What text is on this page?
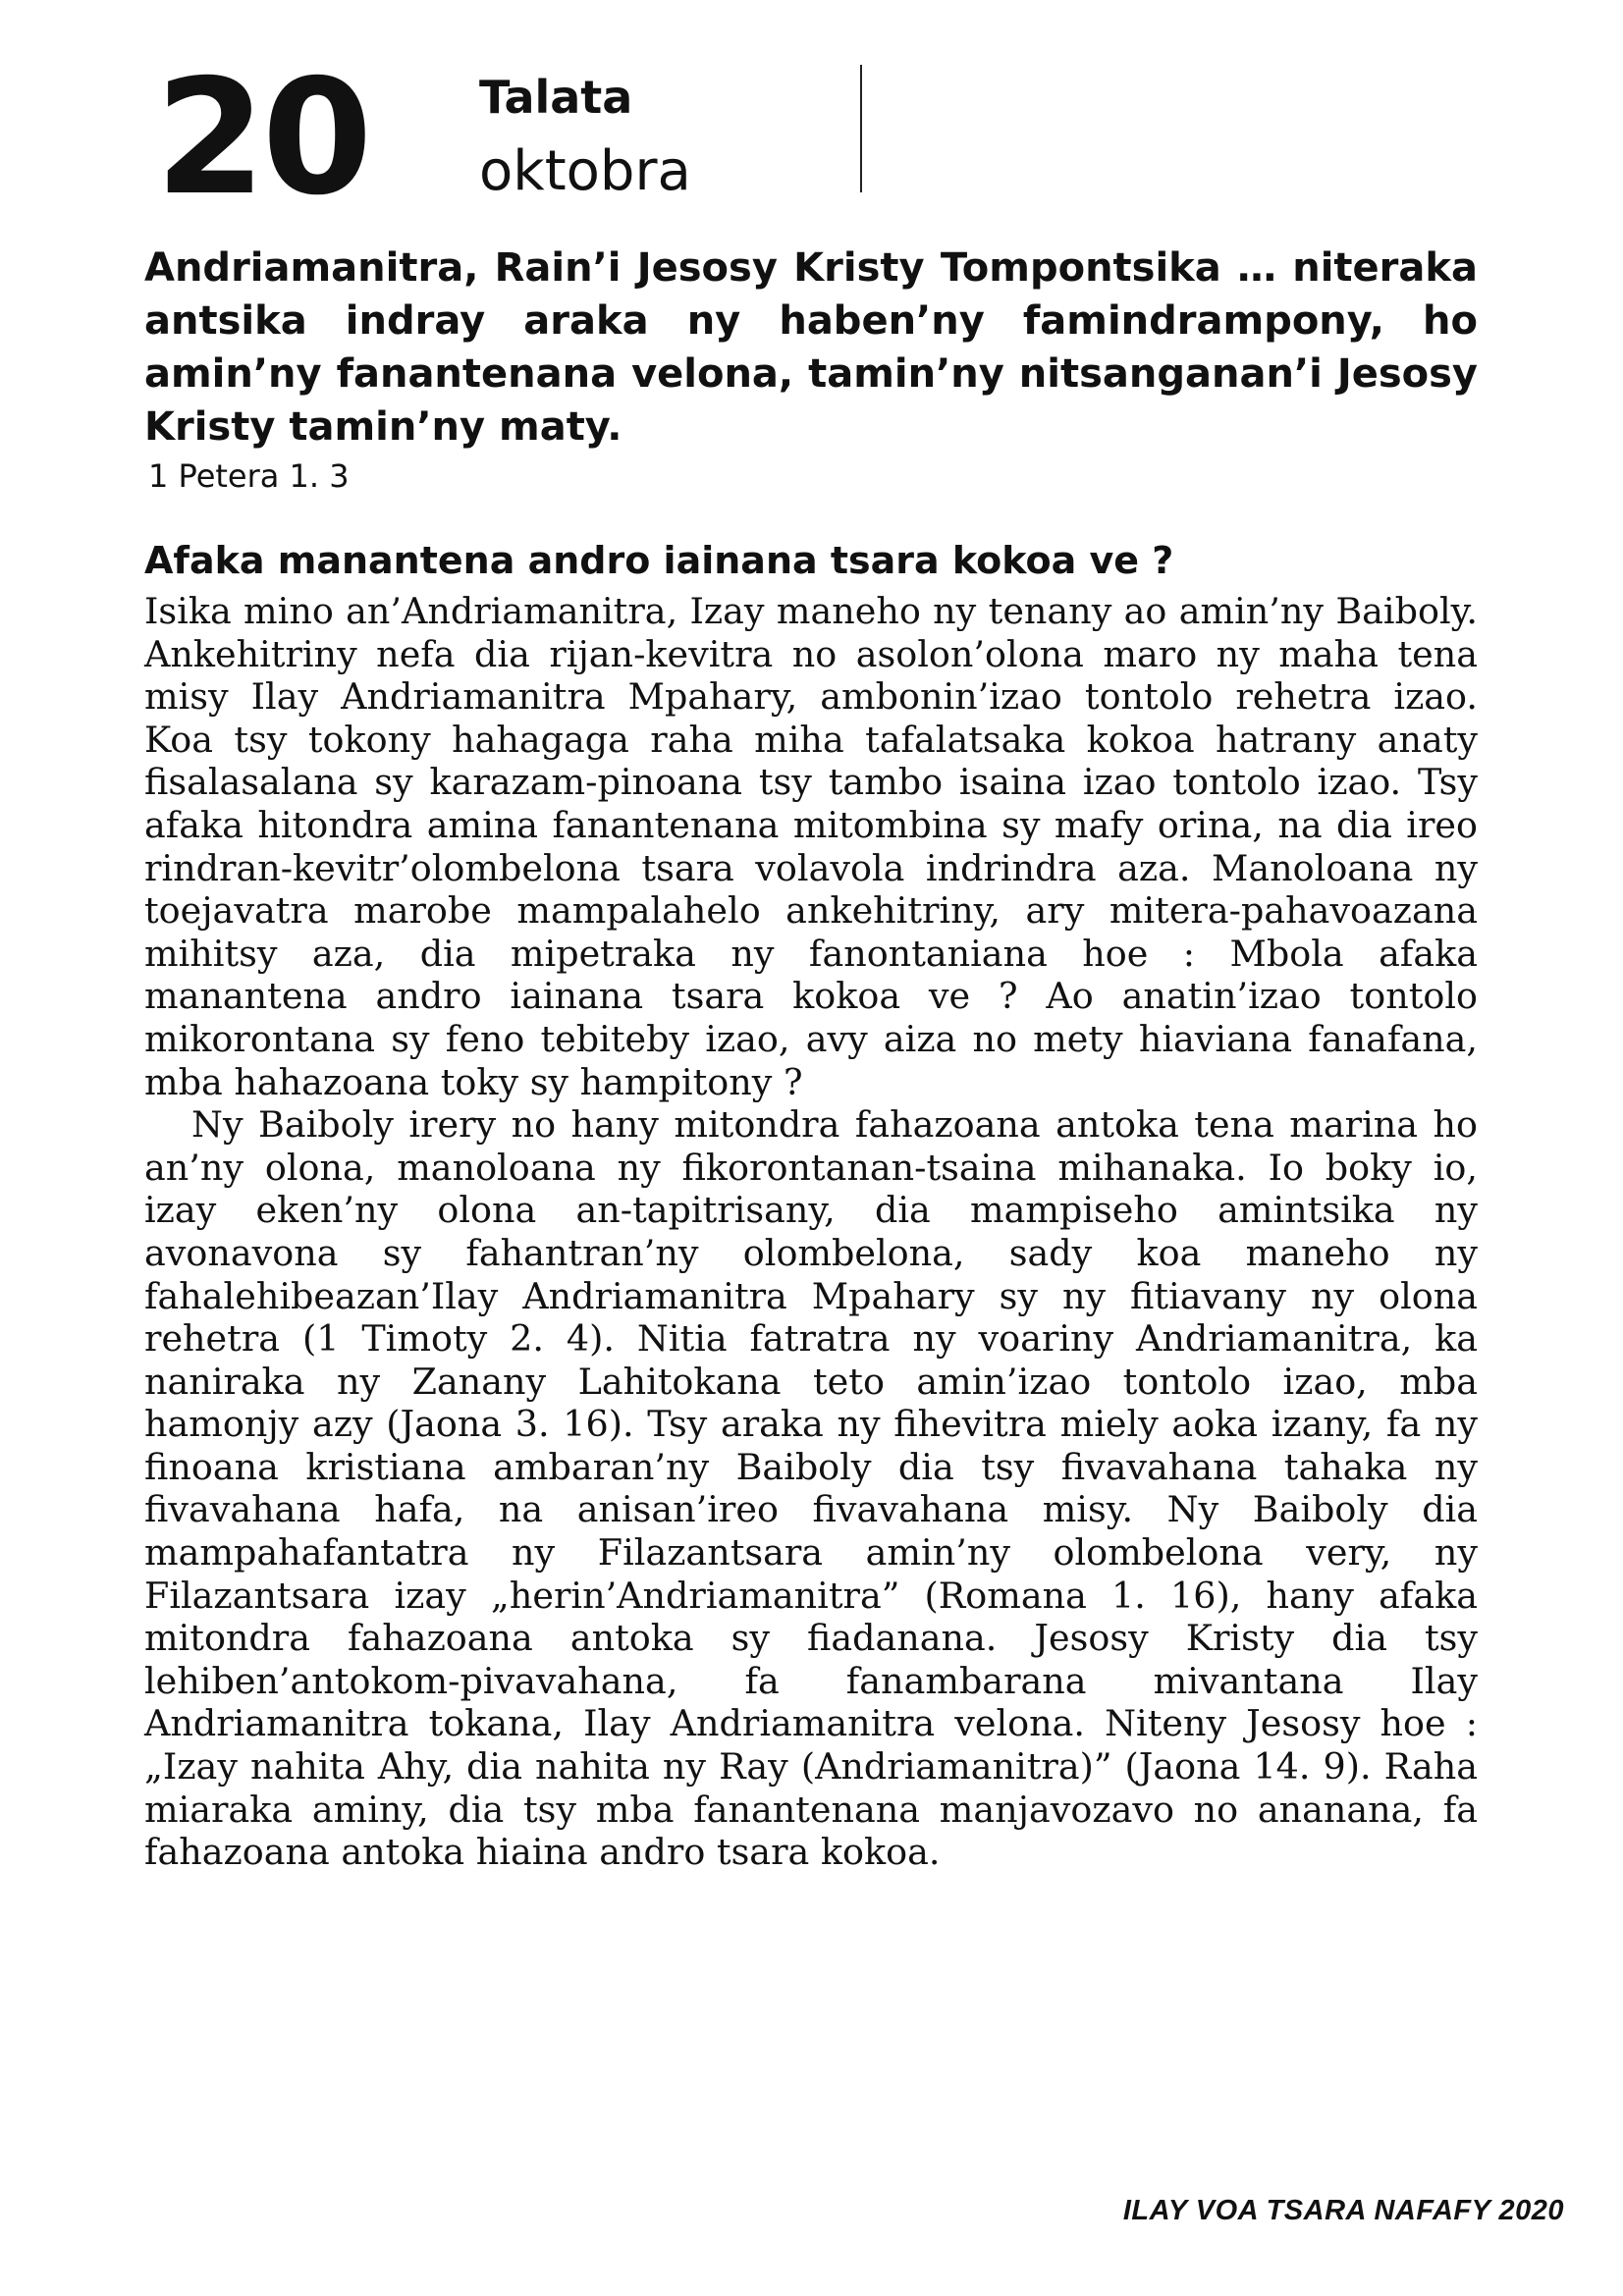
20 Talata
oktobra
Andriamanitra, Rain’i Jesosy Kristy Tompontsika … niteraka antsika indray araka ny haben’ny famindrampony, ho amin’ny fanantenana velona, tamin’ny nitsanganan’i Jesosy Kristy tamin’ny maty.
1 Petera 1. 3
Afaka manantena andro iainana tsara kokoa ve ?

Isika mino an’Andriamanitra, Izay maneho ny tenany ao amin’ny Baiboly. Ankehitriny nefa dia rijan-kevitra no asolon’olona maro ny maha tena misy Ilay Andriamanitra Mpahary, ambonin’izao tontolo rehetra izao. Koa tsy tokony hahagaga raha miha tafalatsaka kokoa hatrany anaty fisalasalana sy karazam-pinoana tsy tambo isaina izao tontolo izao. Tsy afaka hitondra amina fanantenana mitombina sy mafy orina, na dia ireo rindran-kevitr’olombelona tsara volavola indrindra aza. Manoloana ny toejavatra marobe mampalahelo ankehitriny, ary mitera-pahavoazana mihitsy aza, dia mipetraka ny fanontaniana hoe : Mbola afaka manantena andro iainana tsara kokoa ve ? Ao anatin’izao tontolo mikorontana sy feno tebiteby izao, avy aiza no mety hiaviana fanafana, mba hahazoana toky sy hampitony ?

Ny Baiboly irery no hany mitondra fahazoana antoka tena marina ho an’ny olona, manoloana ny fikorontanan-tsaina mihanaka. Io boky io, izay eken’ny olona an-tapitrisany, dia mampiseho amintsika ny avonavona sy fahantran’ny olombelona, sady koa maneho ny fahalehibeazan’Ilay Andriamanitra Mpahary sy ny fitiavany ny olona rehetra (1 Timoty 2. 4). Nitia fatratra ny voariny Andriamanitra, ka naniraka ny Zanany Lahitokana teto amin’izao tontolo izao, mba hamonjy azy (Jaona 3. 16). Tsy araka ny fihevitra miely aoka izany, fa ny finoana kristiana ambaran’ny Baiboly dia tsy fivavahana tahaka ny fivavahana hafa, na anisan’ireo fivavahana misy. Ny Baiboly dia mampahafantatra ny Filazantsara amin’ny olombelona very, ny Filazantsara izay „herin’Andriamanitra” (Romana 1. 16), hany afaka mitondra fahazoana antoka sy fiadanana. Jesosy Kristy dia tsy lehiben’antokom-pivavahana, fa fanambarana mivantana Ilay Andriamanitra tokana, Ilay Andriamanitra velona. Niteny Jesosy hoe : „Izay nahita Ahy, dia nahita ny Ray (Andriamanitra)” (Jaona 14. 9). Raha miaraka aminy, dia tsy mba fanantenana manjavozavo no ananana, fa fahazoana antoka hiaina andro tsara kokoa.

ILAY VOA TSARA NAFAFY 2020
